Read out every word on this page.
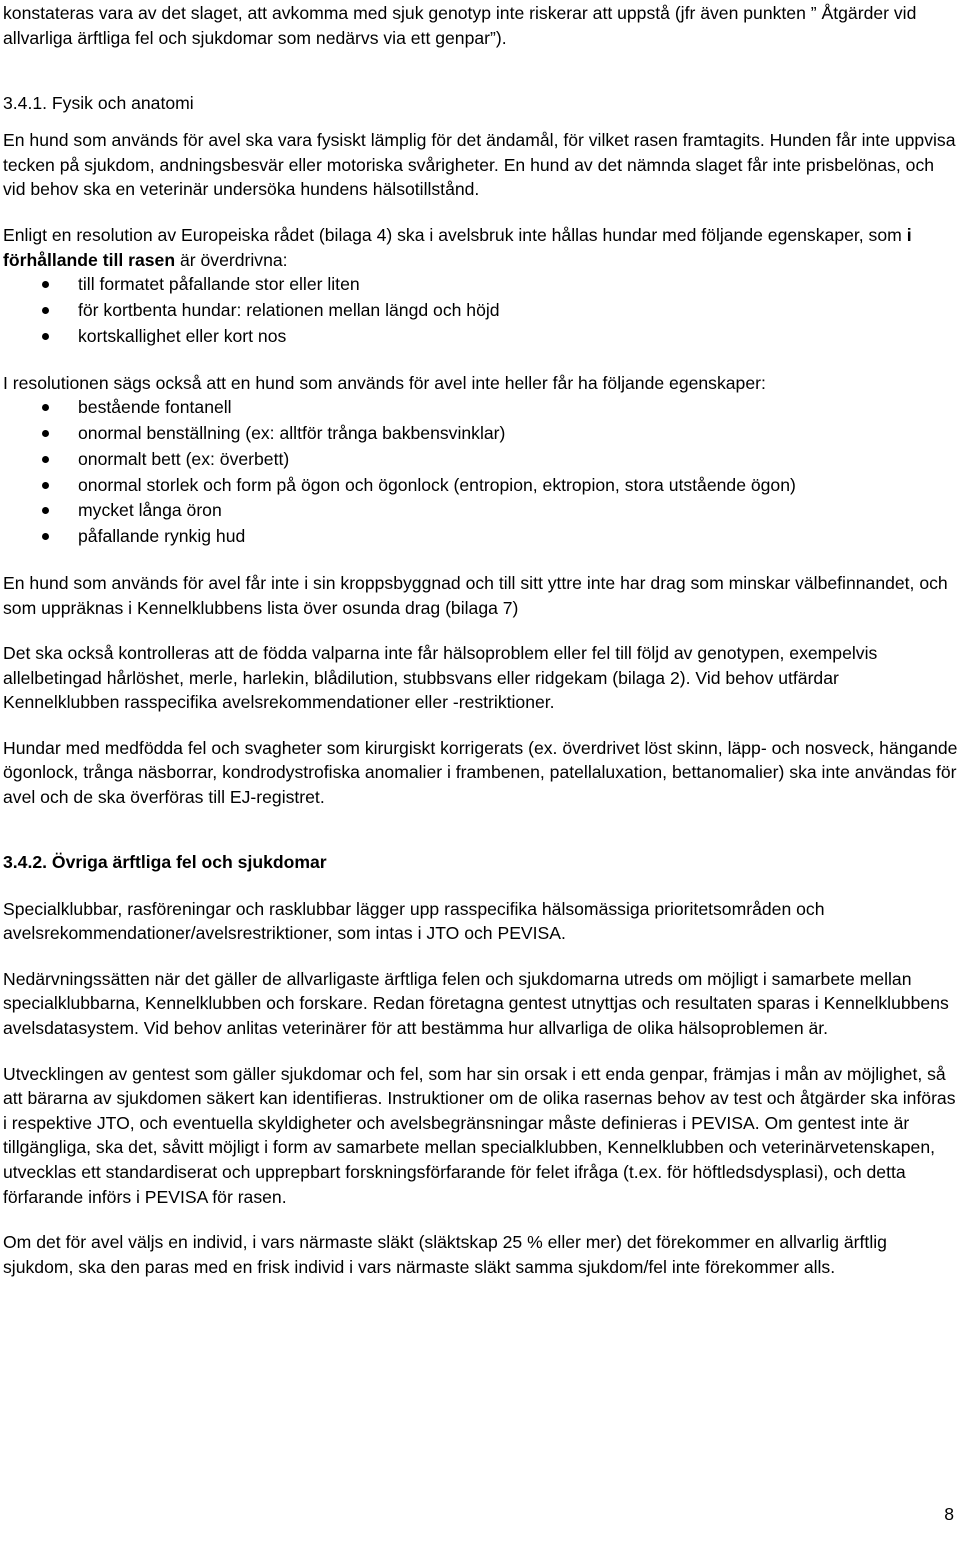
konstateras vara av det slaget, att avkomma med sjuk genotyp inte riskerar att uppstå (jfr även punkten ” Åtgärder vid allvarliga ärftliga fel och sjukdomar som nedärvs via ett genpar”).

3.4.1. Fysik och anatomi

En hund som används för avel ska vara fysiskt lämplig för det ändamål, för vilket rasen framtagits. Hunden får inte uppvisa tecken på sjukdom, andningsbesvär eller motoriska svårigheter. En hund av det nämnda slaget får inte prisbelönas, och vid behov ska en veterinär undersöka hundens hälsotillstånd.

Enligt en resolution av Europeiska rådet (bilaga 4) ska i avelsbruk inte hållas hundar med följande egenskaper, som i förhållande till rasen är överdrivna:

till formatet påfallande stor eller liten
för kortbenta hundar: relationen mellan längd och höjd
kortskallighet eller kort nos

I resolutionen sägs också att en hund som används för avel inte heller får ha följande egenskaper:

bestående fontanell
onormal benställning (ex: alltför trånga bakbensvinklar)
onormalt bett (ex: överbett)
onormal storlek och form på ögon och ögonlock (entropion, ektropion, stora utstående ögon)
mycket långa öron
påfallande rynkig hud

En hund som används för avel får inte i sin kroppsbyggnad och till sitt yttre inte har drag som minskar välbefinnandet, och som uppräknas i Kennelklubbens lista över osunda drag (bilaga 7)

Det ska också kontrolleras att de födda valparna inte får hälsoproblem eller fel till följd av genotypen, exempelvis allelbetingad hårlöshet, merle, harlekin, blådilution, stubbsvans eller ridgekam (bilaga 2). Vid behov utfärdar Kennelklubben rasspecifika avelsrekommendationer eller -restriktioner.

Hundar med medfödda fel och svagheter som kirurgiskt korrigerats (ex. överdrivet löst skinn, läpp- och nosveck, hängande ögonlock, trånga näsborrar, kondrodystrofiska anomalier i frambenen, patellaluxation, bettanomalier) ska inte användas för avel och de ska överföras till EJ-registret.

3.4.2. Övriga ärftliga fel och sjukdomar

Specialklubbar, rasföreningar och rasklubbar lägger upp rasspecifika hälsomässiga prioritetsområden och avelsrekommendationer/avelsrestriktioner, som intas i JTO och PEVISA.

Nedärvningssätten när det gäller de allvarligaste ärftliga felen och sjukdomarna utreds om möjligt i samarbete mellan specialklubbarna, Kennelklubben och forskare. Redan företagna gentest utnyttjas och resultaten sparas i Kennelklubbens avelsdatasystem. Vid behov anlitas veterinärer för att bestämma hur allvarliga de olika hälsoproblemen är.

Utvecklingen av gentest som gäller sjukdomar och fel, som har sin orsak i ett enda genpar, främjas i mån av möjlighet, så att bärarna av sjukdomen säkert kan identifieras. Instruktioner om de olika rasernas behov av test och åtgärder ska införas i respektive JTO, och eventuella skyldigheter och avelsbegränsningar måste definieras i PEVISA. Om gentest inte är tillgängliga, ska det, såvitt möjligt i form av samarbete mellan specialklubben, Kennelklubben och veterinärvetenskapen, utvecklas ett standardiserat och upprepbart forskningsförfarande för felet ifråga (t.ex. för höftledsdysplasi), och detta förfarande införs i PEVISA för rasen.

Om det för avel väljs en individ, i vars närmaste släkt (släktskap 25 % eller mer) det förekommer en allvarlig ärftlig sjukdom, ska den paras med en frisk individ i vars närmaste släkt samma sjukdom/fel inte förekommer alls.

8
